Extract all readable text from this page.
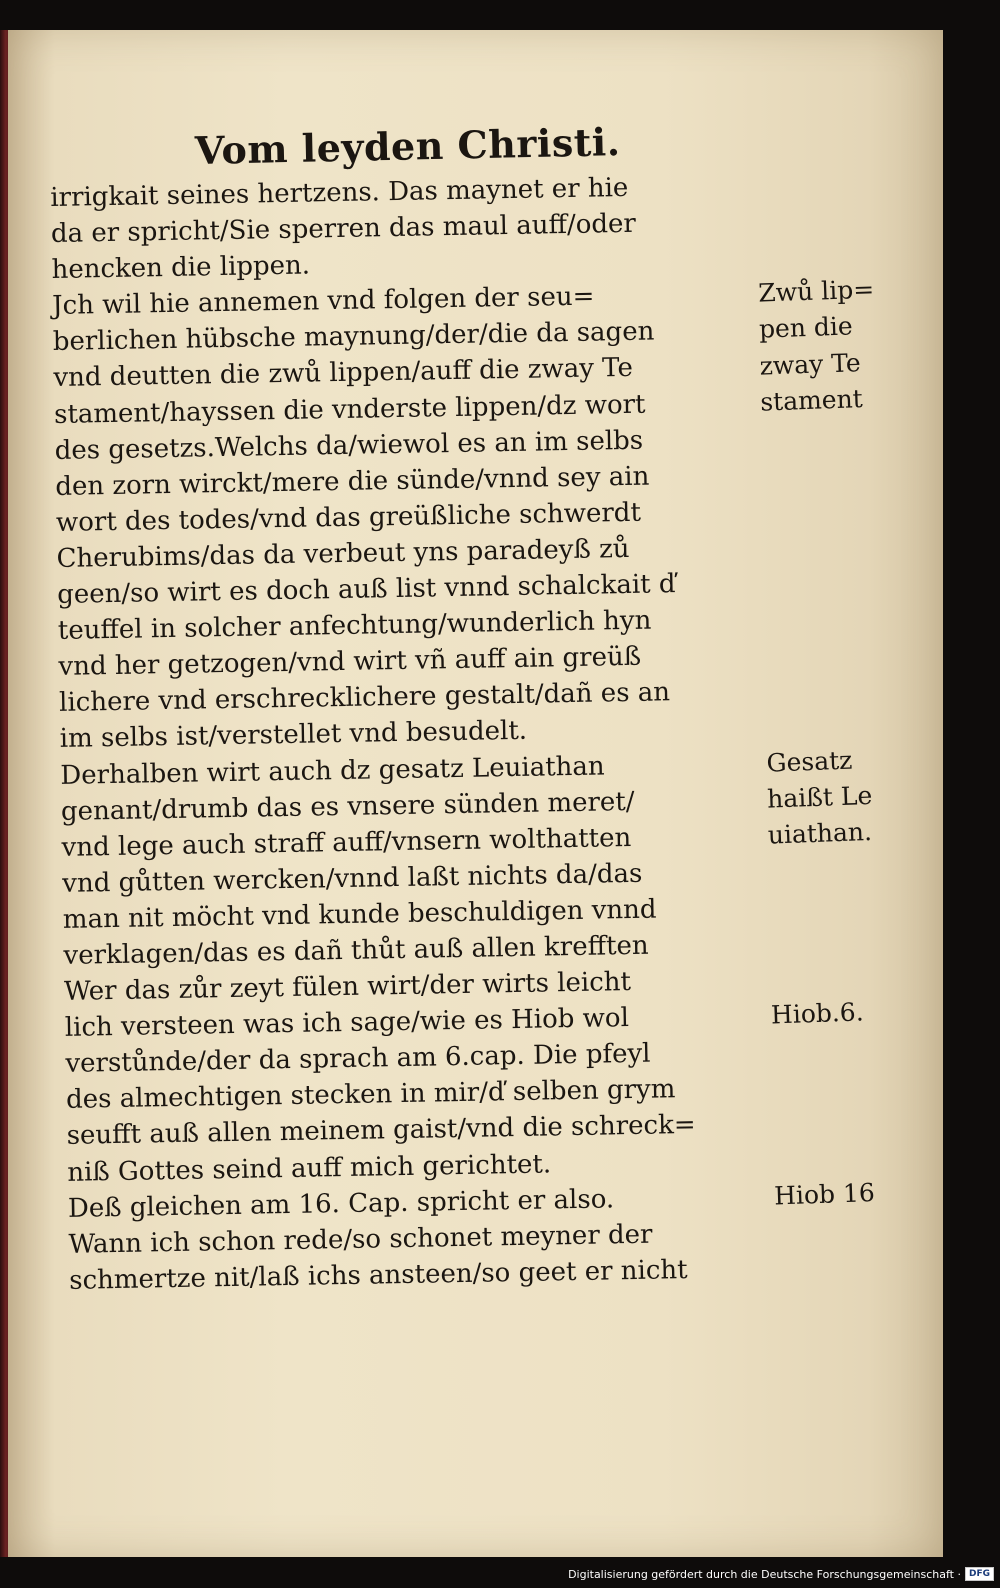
Vom leyden Christi.
irrigkait seines hertzens. Das maynet er hie
da er spricht/Sie sperren das maul auff/oder
hencken die lippen.
Jch wil hie annemen vnd folgen der seu=
berlichen hübsche maynung/der/die da sagen
vnd deutten die zwů lippen/auff die zway Te
stament/hayssen die vnderste lippen/dz wort
des gesetzs.Welchs da/wiewol es an im selbs
den zorn wirckt/mere die sünde/vnnd sey ain
wort des todes/vnd das greüßliche schwerdt
Cherubims/das da verbeut yns paradeyß zů
geen/so wirt es doch auß list vnnd schalckait ď
teuffel in solcher anfechtung/wunderlich hyn
vnd her getzogen/vnd wirt vñ auff ain greüß
lichere vnd erschrecklichere gestalt/dañ es an
im selbs ist/verstellet vnd besudelt.
Derhalben wirt auch dz gesatz Leuiathan
genant/drumb das es vnsere sünden meret/
vnd lege auch straff auff/vnsern wolthatten
vnd gůtten wercken/vnnd laßt nichts da/das
man nit möcht vnd kunde beschuldigen vnnd
verklagen/das es dañ thůt auß allen krefften
Wer das zůr zeyt fülen wirt/der wirts leicht
lich versteen was ich sage/wie es Hiob wol
verstůnde/der da sprach am 6.cap. Die pfeyl
des almechtigen stecken in mir/ď selben grym
seufft auß allen meinem gaist/vnd die schreck=
niß Gottes seind auff mich gerichtet.
Deß gleichen am 16. Cap. spricht er also.
Wann ich schon rede/so schonet meyner der
schmertze nit/laß ichs ansteen/so geet er nicht
Zwů lip=
pen die
zway Te
stament
Gesatz
haißt Le
uiathan.
Hiob.6.
Hiob 16
Digitalisierung gefördert durch die Deutsche Forschungsgemeinschaft · DFG
